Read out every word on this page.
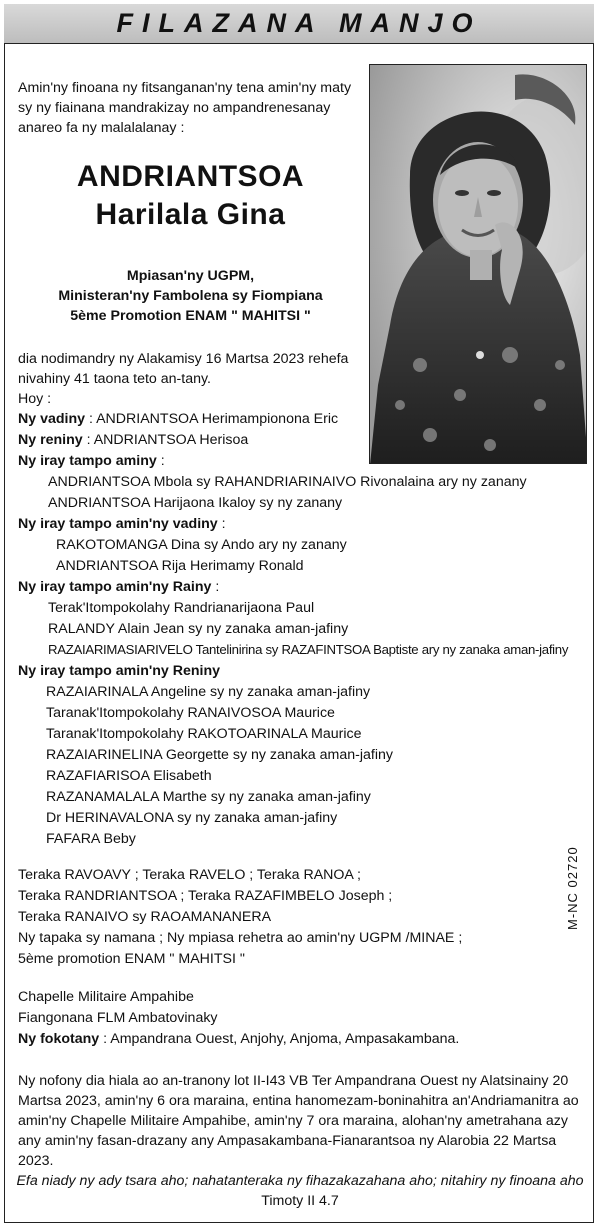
FILAZANA MANJO
Amin'ny finoana ny fitsanganan'ny tena amin'ny maty sy ny fiainana mandrakizay no ampandrenesanay anareo fa ny malalalanay :
ANDRIANTSOA
Harilala Gina
Mpiasan'ny UGPM,
Ministeran'ny Fambolena sy Fiompiana
5ème Promotion ENAM " MAHITSI "
dia nodimandry ny Alakamisy 16 Martsa 2023 rehefa
nivahiny 41 taona teto an-tany.
Hoy :
Ny vadiny : ANDRIANTSOA Herimampionona Eric
Ny reniny : ANDRIANTSOA Herisoa
Ny iray tampo aminy :
ANDRIANTSOA Mbola sy RAHANDRIARINAIVO Rivonalaina ary ny zanany
ANDRIANTSOA Harijaona Ikaloy sy ny zanany
Ny iray tampo amin'ny vadiny :
RAKOTOMANGA Dina sy Ando ary ny zanany
ANDRIANTSOA Rija Herimamy Ronald
Ny iray tampo amin'ny Rainy :
Terak'Itompokolahy Randrianarijaona Paul
RALANDY Alain Jean sy ny zanaka aman-jafiny
RAZAIARIMASIARIVELO Tantelinirina sy RAZAFINTSOA Baptiste ary ny zanaka aman-jafiny
Ny iray tampo amin'ny Reniny
RAZAIARINALA Angeline sy ny zanaka aman-jafiny
Taranak'Itompokolahy RANAIVOSOA Maurice
Taranak'Itompokolahy RAKOTOARINALA Maurice
RAZAIARINELINA Georgette sy ny zanaka aman-jafiny
RAZAFIARISOA Elisabeth
RAZANAMALALA Marthe sy ny zanaka aman-jafiny
Dr HERINAVALONA sy ny zanaka aman-jafiny
FAFARA Beby
Teraka RAVOAVY ; Teraka RAVELO ; Teraka RANOA ;
Teraka RANDRIANTSOA ; Teraka RAZAFIMBELO Joseph ;
Teraka RANAIVO sy RAOAMANANERA
Ny tapaka sy namana ; Ny mpiasa rehetra ao amin'ny UGPM /MINAE ;
5ème promotion ENAM " MAHITSI "
Chapelle Militaire Ampahibe
Fiangonana FLM Ambatovinaky
Ny fokotany : Ampandrana Ouest, Anjohy, Anjoma, Ampasakambana.
Ny nofony dia hiala ao an-tranony lot II-I43 VB Ter Ampandrana Ouest ny Alatsinainy 20 Martsa 2023, amin'ny 6 ora maraina, entina hanomezam-boninahitra an'Andriamanitra ao amin'ny Chapelle Militaire Ampahibe, amin'ny 7 ora maraina, alohan'ny ametrahana azy any amin'ny fasan-drazany any Ampasakambana-Fianarantsoa ny Alarobia 22 Martsa 2023.
Efa niady ny ady tsara aho; nahatanteraka ny fihazakazahana aho; nitahiry ny finoana aho
Timoty II 4.7
M-NC 02720
